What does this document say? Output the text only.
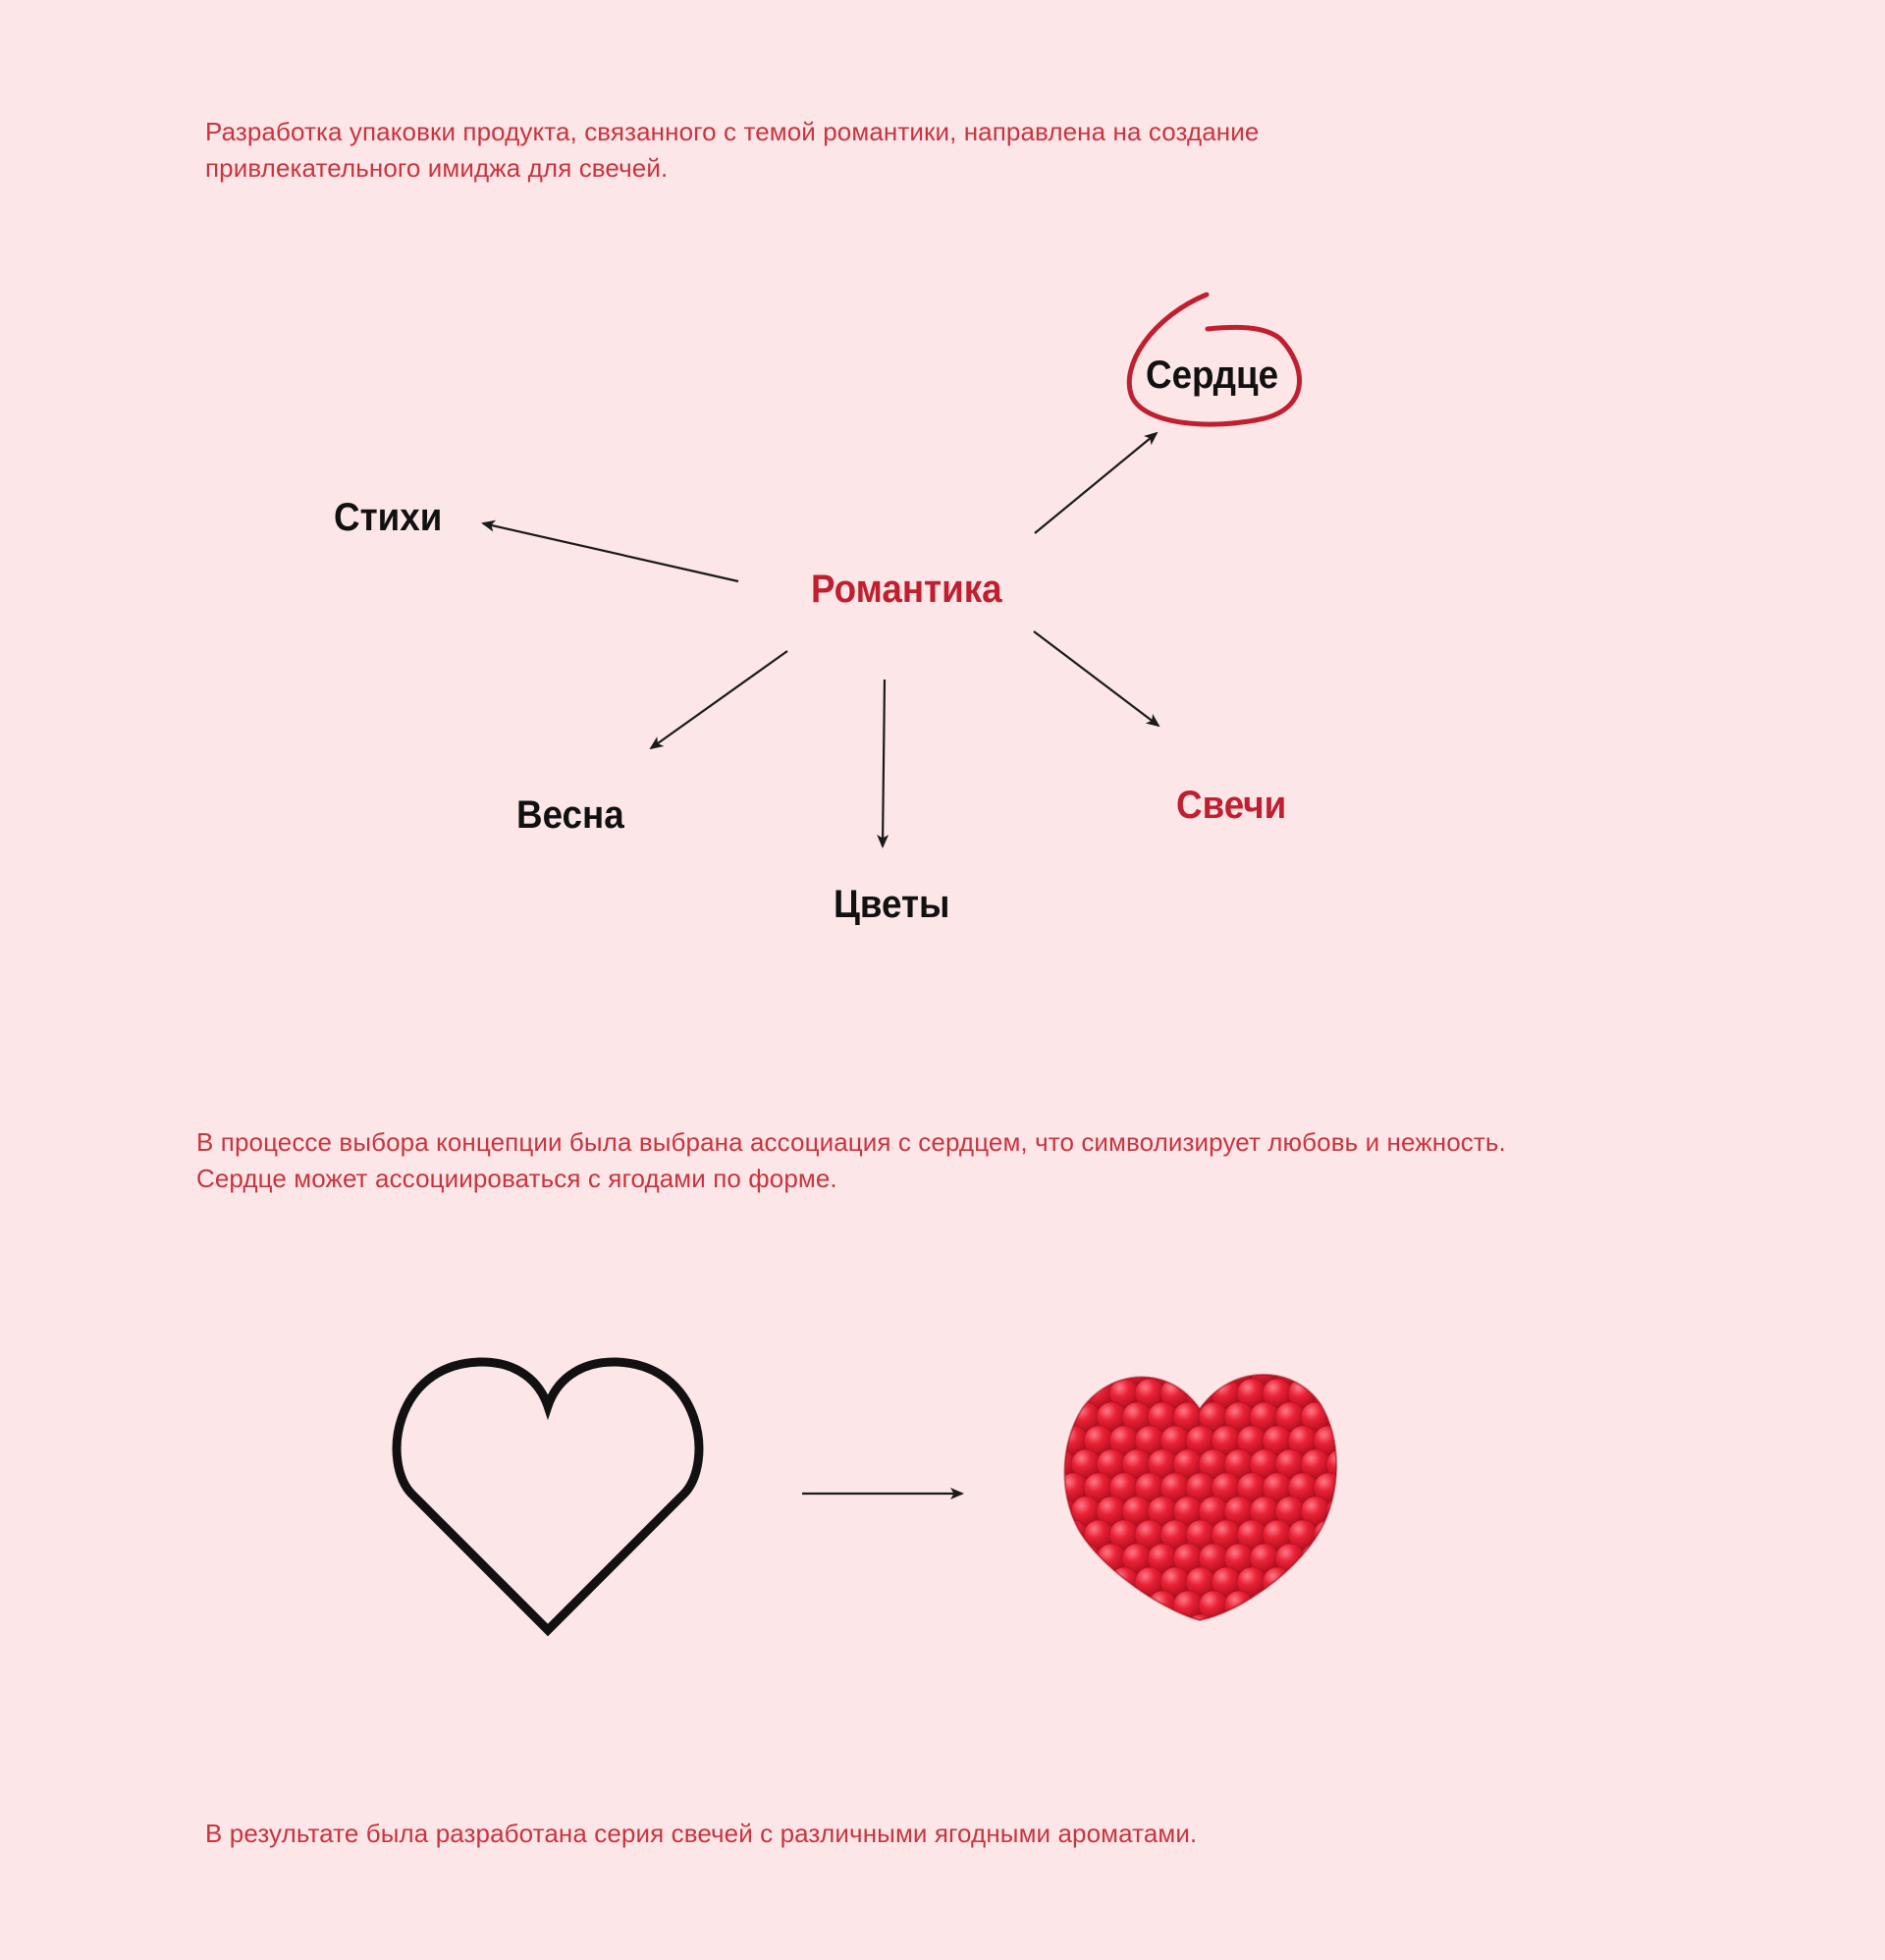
Разработка упаковки продукта, связанного с темой романтики, направлена на создание
привлекательного имиджа для свечей.

В процессе выбора концепции была выбрана ассоциация с сердцем, что символизирует любовь и нежность.
Сердце может ассоциироваться с ягодами по форме.

В результате была разработана серия свечей с различными ягодными ароматами.

Романтика
Сердце
Стихи
Весна
Цветы
Свечи
